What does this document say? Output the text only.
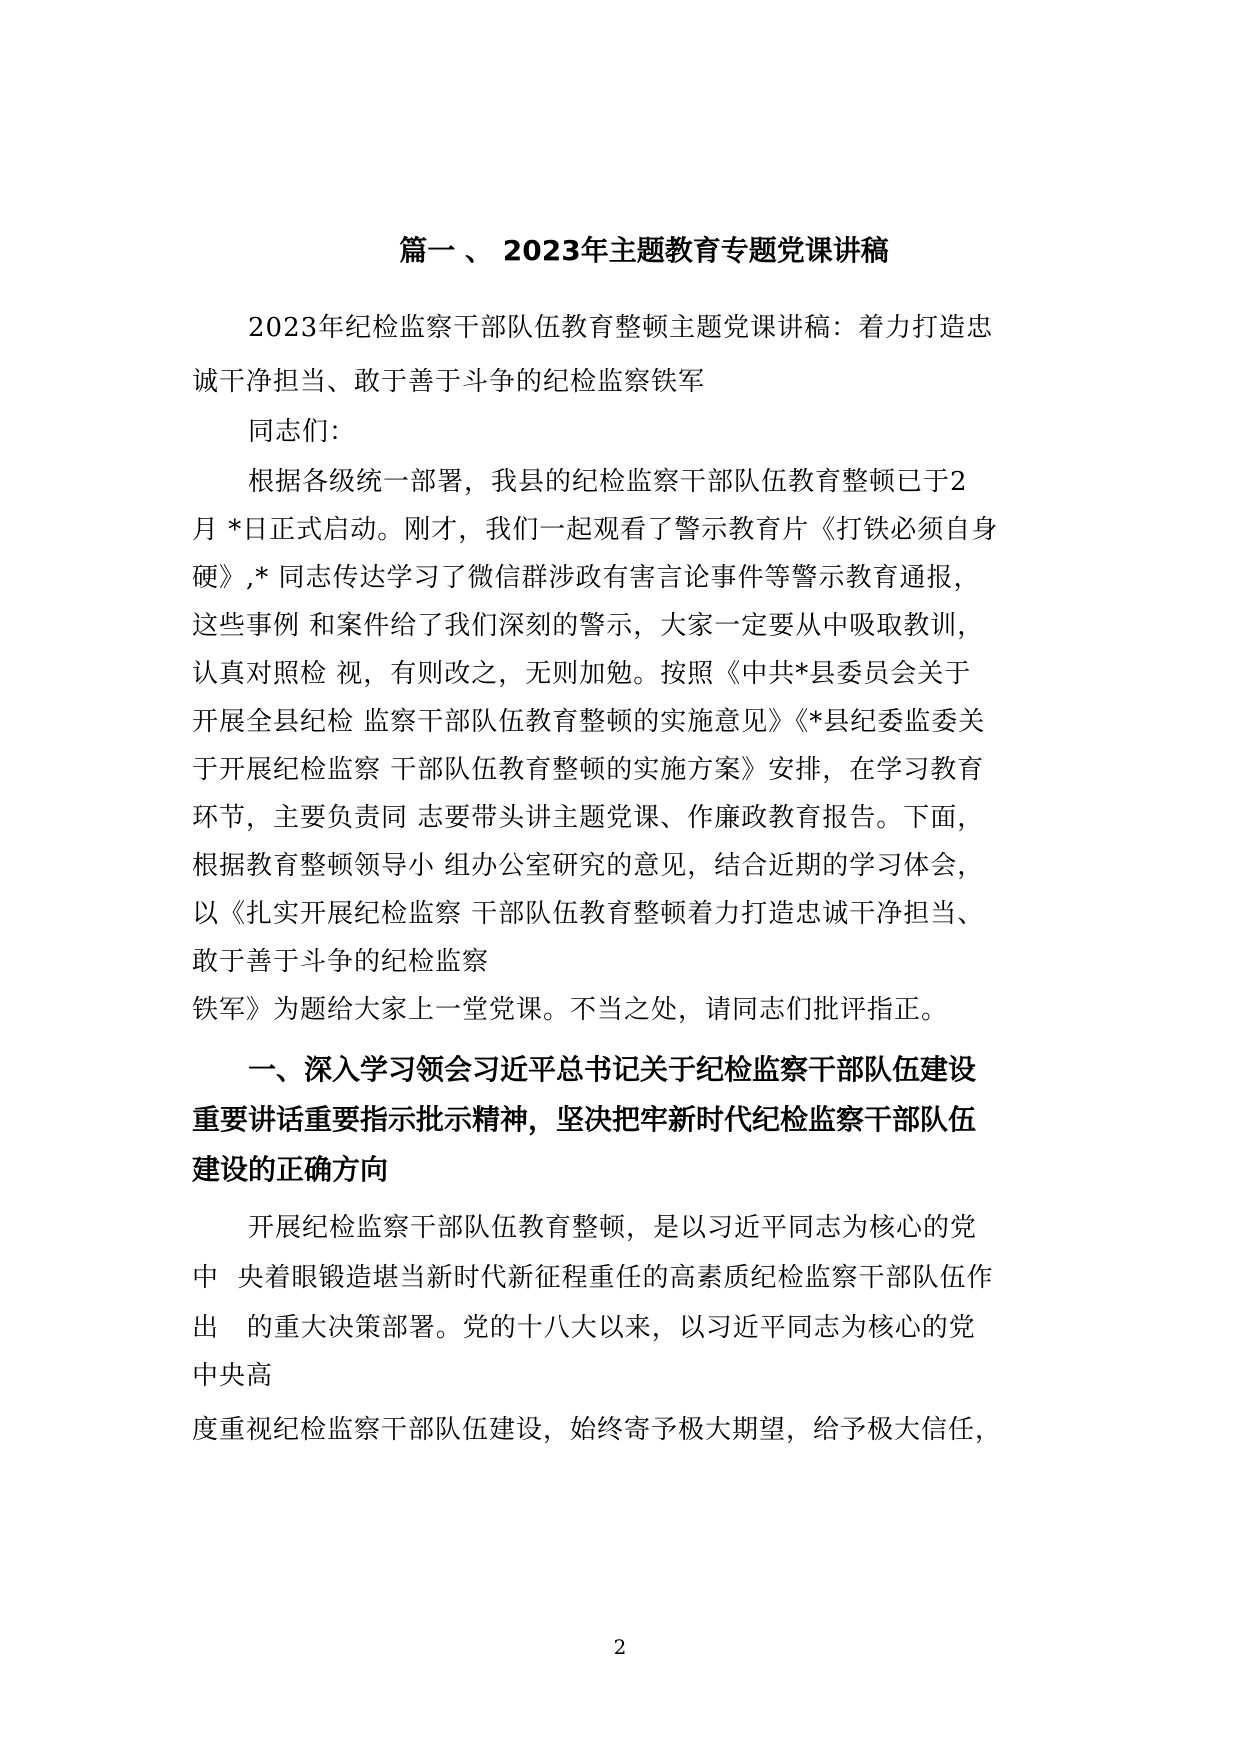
篇一 、 2023年主题教育专题党课讲稿
2023年纪检监察干部队伍教育整顿主题党课讲稿：着力打造忠
诚干净担当、敢于善于斗争的纪检监察铁军
同志们：
根据各级统一部署，我县的纪检监察干部队伍教育整顿已于2
月 *日正式启动。刚才，我们一起观看了警示教育片《打铁必须自身
硬》,* 同志传达学习了微信群涉政有害言论事件等警示教育通报，
这些事例 和案件给了我们深刻的警示，大家一定要从中吸取教训，
认真对照检 视，有则改之，无则加勉。按照《中共*县委员会关于
开展全县纪检 监察干部队伍教育整顿的实施意见》《*县纪委监委关
于开展纪检监察 干部队伍教育整顿的实施方案》安排，在学习教育
环节，主要负责同 志要带头讲主题党课、作廉政教育报告。下面，
根据教育整顿领导小 组办公室研究的意见，结合近期的学习体会，
以《扎实开展纪检监察 干部队伍教育整顿着力打造忠诚干净担当、
敢于善于斗争的纪检监察
铁军》为题给大家上一堂党课。不当之处，请同志们批评指正。
一、深入学习领会习近平总书记关于纪检监察干部队伍建设
重要讲话重要指示批示精神，坚决把牢新时代纪检监察干部队伍
建设的正确方向
开展纪检监察干部队伍教育整顿，是以习近平同志为核心的党
中  央着眼锻造堪当新时代新征程重任的高素质纪检监察干部队伍作
出   的重大决策部署。党的十八大以来，以习近平同志为核心的党
中央高
度重视纪检监察干部队伍建设，始终寄予极大期望，给予极大信任，
2
